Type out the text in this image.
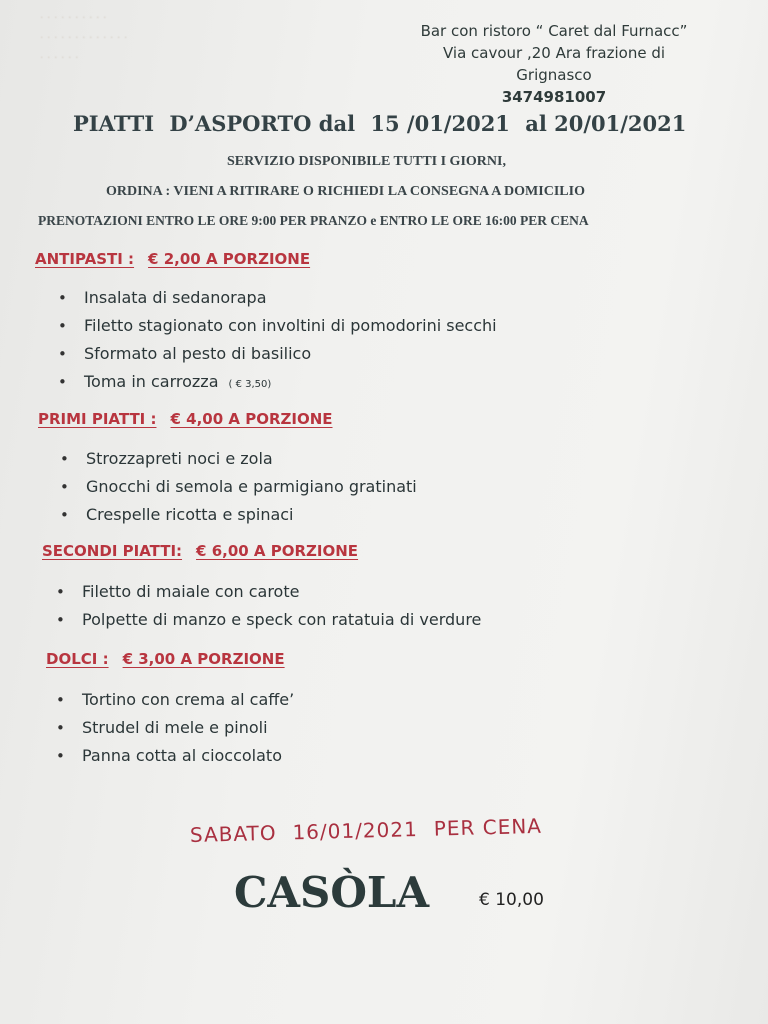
· · · · · · · · · ·
· · · · · · · · · · · · ·
· · · · · ·
Bar con ristoro “ Caret dal Furnacc”
Via cavour ,20 Ara frazione di Grignasco
3474981007
PIATTI D’ASPORTO dal 15 /01/2021 al 20/01/2021
SERVIZIO DISPONIBILE TUTTI I GIORNI,
ORDINA : VIENI A RITIRARE O RICHIEDI LA CONSEGNA A DOMICILIO
PRENOTAZIONI ENTRO LE ORE 9:00 PER PRANZO e ENTRO LE ORE 16:00 PER CENA
ANTIPASTI : € 2,00 A PORZIONE
• Insalata di sedanorapa
• Filetto stagionato con involtini di pomodorini secchi
• Sformato al pesto di basilico
• Toma in carrozza ( € 3,50)
PRIMI PIATTI : € 4,00 A PORZIONE
• Strozzapreti noci e zola
• Gnocchi di semola e parmigiano gratinati
• Crespelle ricotta e spinaci
SECONDI PIATTI: € 6,00 A PORZIONE
• Filetto di maiale con carote
• Polpette di manzo e speck con ratatuia di verdure
DOLCI : € 3,00 A PORZIONE
• Tortino con crema al caffe’
• Strudel di mele e pinoli
• Panna cotta al cioccolato
SABATO 16/01/2021 PER CENA
CASÒLA	€ 10,00
